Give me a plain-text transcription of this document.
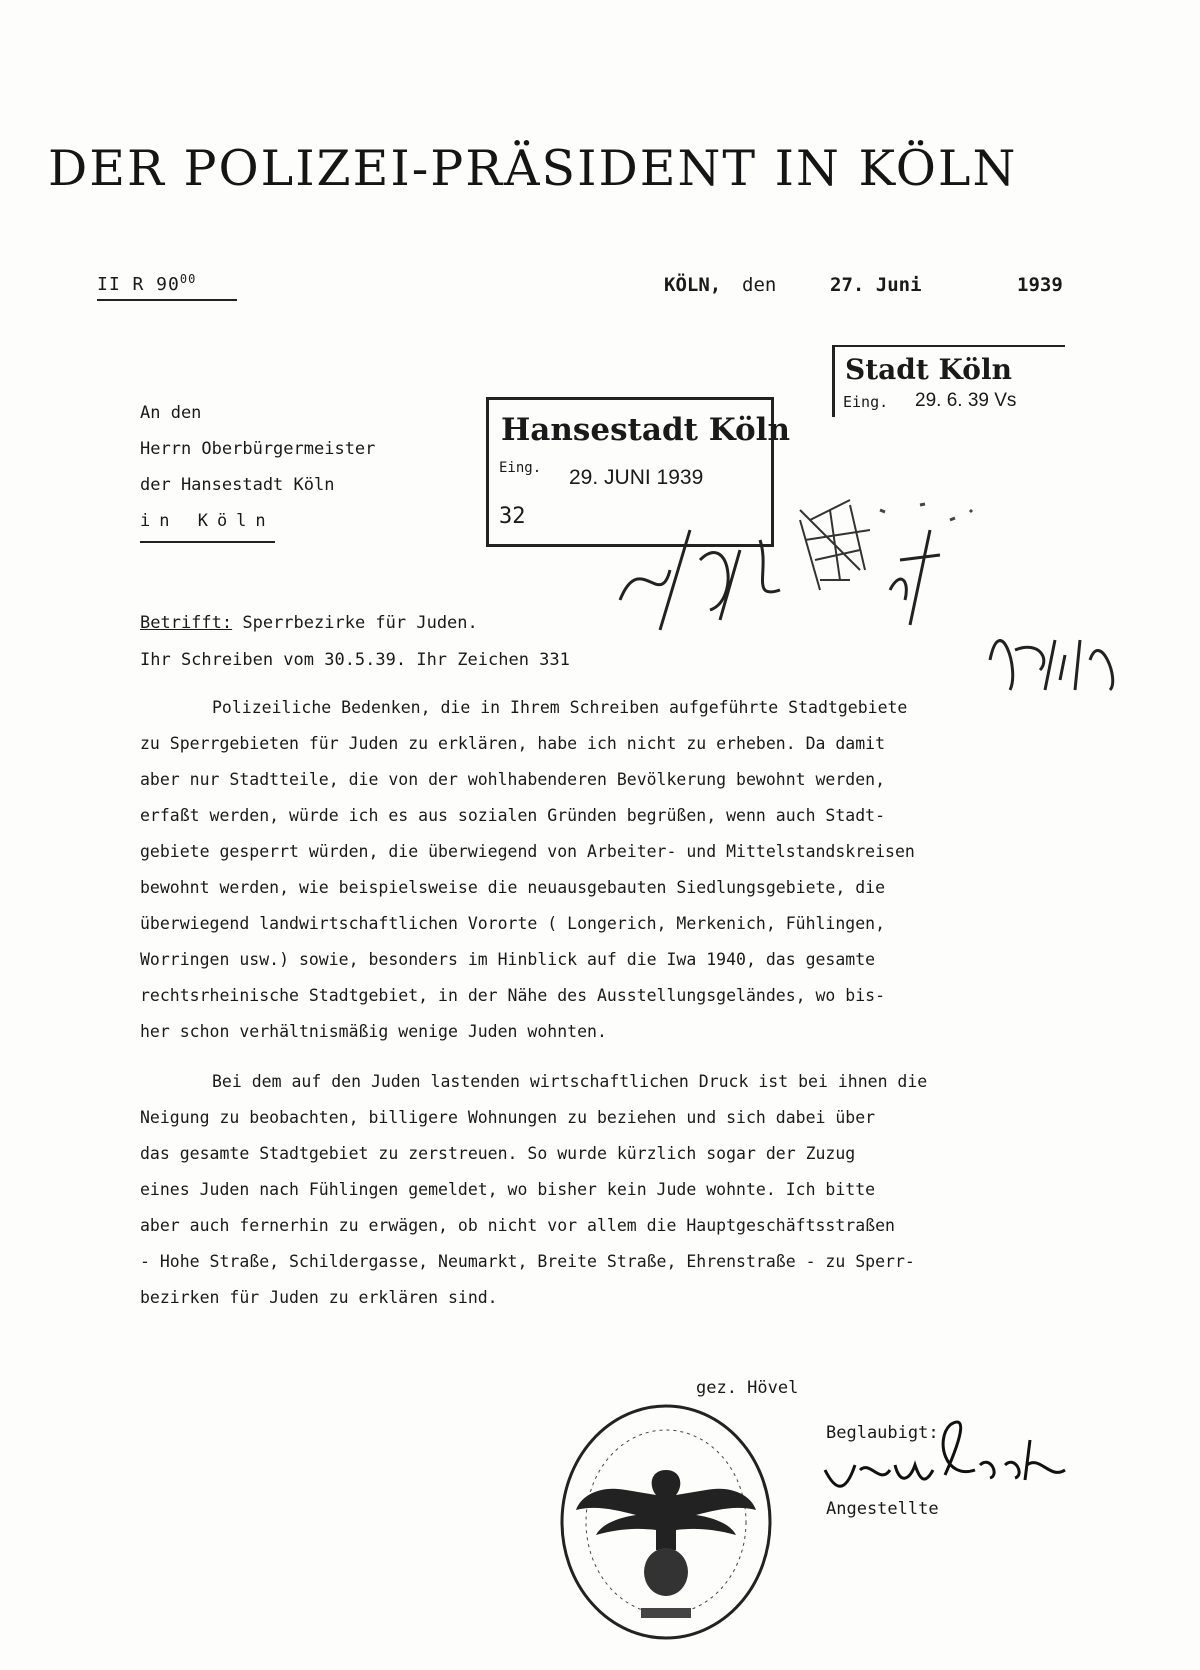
DER POLIZEI-PRÄSIDENT IN KÖLN
II R $90^{00}$	KÖLN, den	27. Juni	1939
An den
Herrn Oberbürgermeister
der Hansestadt Köln
in Köln
Hansestadt Köln
Eing. 29. JUNI 1939
32
Stadt Köln
Eing. 29. 6. 39 Vs
Betrifft: Sperrbezirke für Juden.
Ihr Schreiben vom 30.5.39. Ihr Zeichen 331
Polizeiliche Bedenken, die in Ihrem Schreiben aufgeführte Stadtgebiete
zu Sperrgebieten für Juden zu erklären, habe ich nicht zu erheben. Da damit
aber nur Stadtteile, die von der wohlhabenderen Bevölkerung bewohnt werden,
erfaßt werden, würde ich es aus sozialen Gründen begrüßen, wenn auch Stadt-
gebiete gesperrt würden, die überwiegend von Arbeiter- und Mittelstandskreisen
bewohnt werden, wie beispielsweise die neuausgebauten Siedlungsgebiete, die
überwiegend landwirtschaftlichen Vororte ( Longerich, Merkenich, Fühlingen,
Worringen usw.) sowie, besonders im Hinblick auf die Iwa 1940, das gesamte
rechtsrheinische Stadtgebiet, in der Nähe des Ausstellungsgeländes, wo bis-
her schon verhältnismäßig wenige Juden wohnten.
Bei dem auf den Juden lastenden wirtschaftlichen Druck ist bei ihnen die
Neigung zu beobachten, billigere Wohnungen zu beziehen und sich dabei über
das gesamte Stadtgebiet zu zerstreuen. So wurde kürzlich sogar der Zuzug
eines Juden nach Fühlingen gemeldet, wo bisher kein Jude wohnte. Ich bitte
aber auch fernerhin zu erwägen, ob nicht vor allem die Hauptgeschäftsstraßen
- Hohe Straße, Schildergasse, Neumarkt, Breite Straße, Ehrenstraße - zu Sperr-
bezirken für Juden zu erklären sind.
gez. Hövel
Beglaubigt:
Angestellte
